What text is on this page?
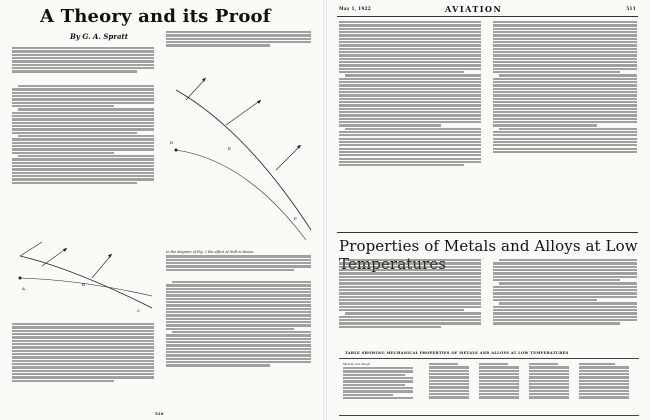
A Theory and its Proof
By G. A. Spratt
A
B
C
D
E
F
In the diagram of Fig. 2 the effect of drift is shown.
510
May 1, 1922	AVIATION	511
Properties of Metals and Alloys at Low
TABLE SHOWING MECHANICAL PROPERTIES OF METALS AND ALLOYS AT LOW TEMPERATURES
Metals and Alloys
